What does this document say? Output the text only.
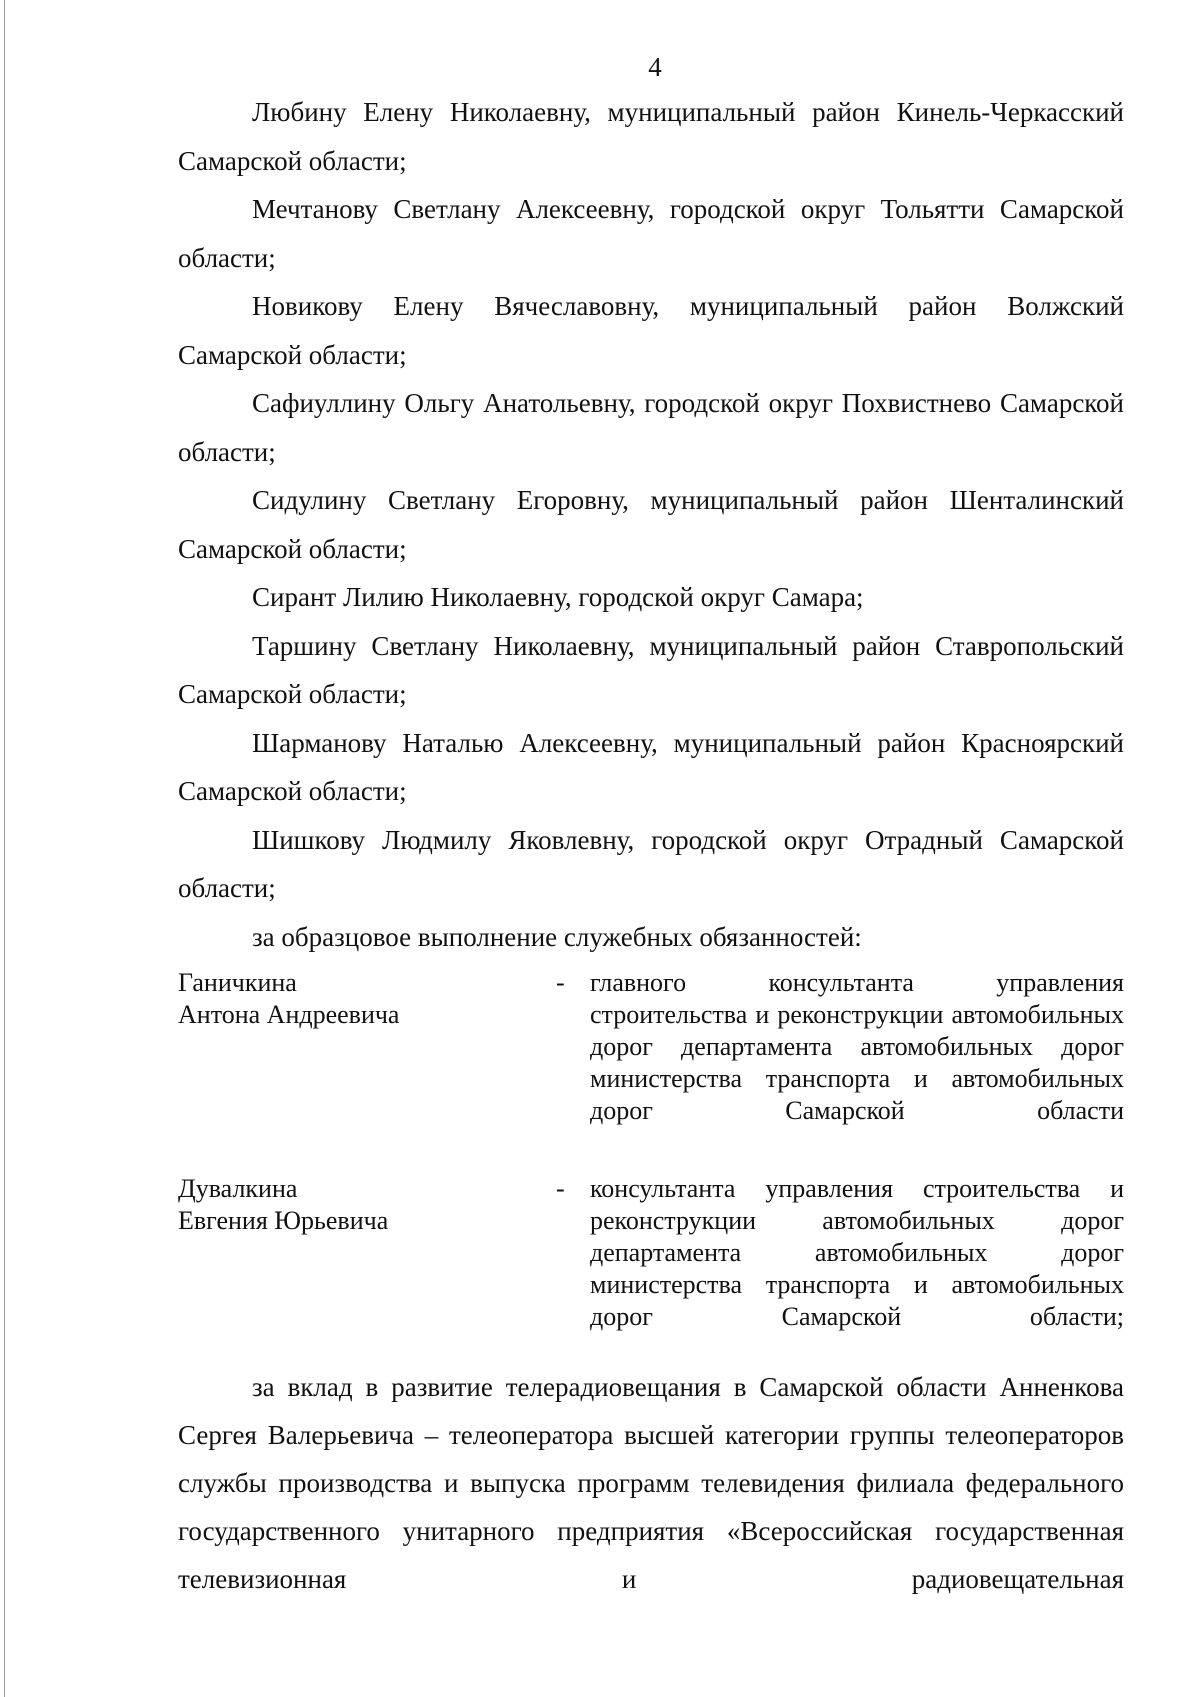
4

Любину Елену Николаевну, муниципальный район Кинель-Черкасский Самарской области;

Мечтанову Светлану Алексеевну, городской округ Тольятти Самарской области;

Новикову Елену Вячеславовну, муниципальный район Волжский Самарской области;

Сафиуллину Ольгу Анатольевну, городской округ Похвистнево Самарской области;

Сидулину Светлану Егоровну, муниципальный район Шенталинский Самарской области;

Сирант Лилию Николаевну, городской округ Самара;

Таршину Светлану Николаевну, муниципальный район Ставропольский Самарской области;

Шарманову Наталью Алексеевну, муниципальный район Красноярский Самарской области;

Шишкову Людмилу Яковлевну, городской округ Отрадный Самарской области;

за образцовое выполнение служебных обязанностей:

Ганичкина
Антона Андреевича
- главного консультанта управления строительства и реконструкции автомобильных дорог департамента автомобильных дорог министерства транспорта и автомобильных дорог Самарской области
Дувалкина
Евгения Юрьевича
- консультанта управления строительства и реконструкции автомобильных дорог департамента автомобильных дорог министерства транспорта и автомобильных дорог Самарской области;

за вклад в развитие телерадиовещания в Самарской области Анненкова Сергея Валерьевича – телеоператора высшей категории группы телеоператоров службы производства и выпуска программ телевидения филиала федерального государственного унитарного предприятия «Всероссийская государственная телевизионная и радиовещательная
